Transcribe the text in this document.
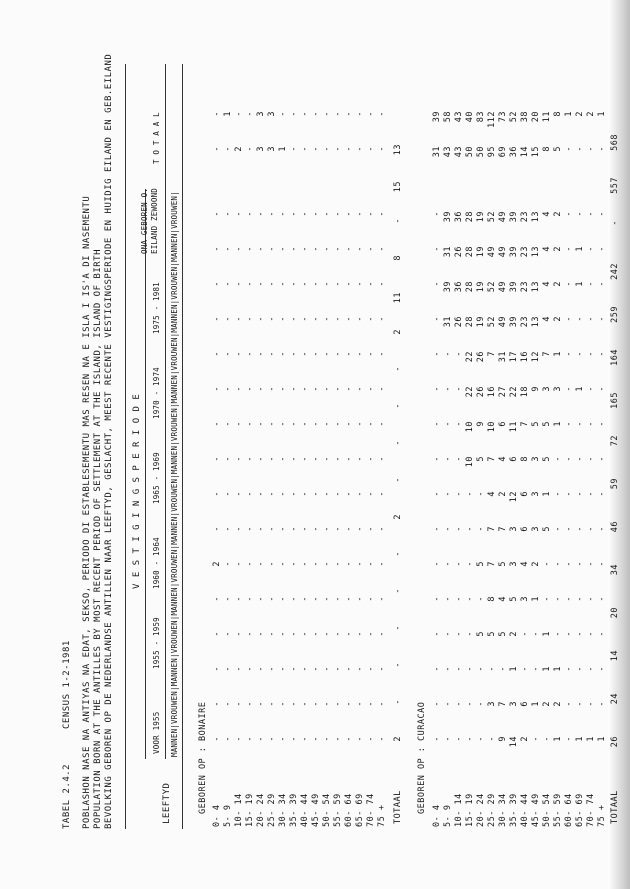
TABEL 2.4.2
CENSUS 1-2-1981 POBLASHON NASE NA ANTIYAS NA EDAT, SEKSO, PERIODO DI ESTABLESEMENTU MAS RESEN NA E ISLA I IS'A DI NASEMENTU POPULATION BORN AT THE ANTILLES BY MOST RECENT PERIOD OF SETTLEMENT AT THE ISLAND, ISLAND OF BIRTH BEVOLKING GEBOREN OP DE NEDERLANDSE ANTILLEN NAAR LEEFTYD, GESLACHT, MEEST RECENTE VESTIGINGSPERIODE EN HUIDIG EILAND EN GEB.EILAND	LEEFTYD
V E S T I G I N G S P E R I O D E
VOOR 1955
1955 - 1959
1960 - 1964
1965 - 1969
1970 - 1974
1975 - 1981
ONA GEBOREN O. EILAND ZEWOOND
T O T A A L
MANNEN|VROUWEN|MANNEN|VROUWEN|MANNEN|VROUWEN|MANNEN|VROUWEN|MANNEN|VROUWEN|MANNEN|VROUWEN|MANNEN|VROUWEN|MANNEN|VROUWEN|
GEBOREN OP : BONAIRE
0- 4 5- 9 10- 14 15- 19 20- 24 25- 29 30- 34 35- 39 40- 44 45- 49 50- 54 55- 59 60- 64 65- 69 70- 74 75 + TOTAAL GEBOREN OP : CURACAO
0- 4 5- 9 10- 14 15- 19 20- 24 25- 29 30- 34 35- 39 40- 44 45- 49 50- 54 55- 59 60- 64 65- 69 70- 74 75 + TOTAAL
- - - - - - - - - - - - - - - -
- - - - - - - - - - - - - - - -
- - - - - - - - - - - - - - - -
- - - - - - - - - - - - - - - -
- - - - - - - - - - - - - - - -
2 - - - - - - - - - - - - - - -
- - - - - - - - - - - - - - - -
- - - - - - - - - - - - - - - -
- - - - - - - - - - - - - - - -
- - - - - - - - - - - - - - - -
- - - - - - - - - - - - - - - -
- - - - - - - - - - - - - - - -
- - - - - - - - - - - - - - - -
- - - - - - - - - - - - - - - -
- - - - - - - - - - - - - - - -
- - - - - - - - - - - - - - - -
- - 2 - 3 3 1 - - - - - - - - -
- 1 - - 3 3 - - - - - - - - - -
2
-
-
-
-
-
2
-
-
-
-
2
11
8
-
15
13
- - - - - - 9 14 2 - - 1 - 1 1 1
- - - - - 3 7 3 6 1 2 2 - - - -
- - - - - - - 1 - - 1 1 - - - -
- - - - 5 5 5 2 - - 1 - - - - -
- - - - - 8 4 5 3 1 - - - - - -
- - - - 5 7 5 3 4 2 - - - - - -
- - - - - 7 7 3 6 3 5 - - - - -
- - - - - 4 2 12 6 3 1 - - - - -
- - - 10 5 7 4 6 8 3 5 - - - - -
- - - 10 9 10 6 11 7 5 5 1 - - - -
- - - 22 26 16 27 22 18 9 3 3 - 1 - -
- - - 22 26 7 31 17 16 12 7 1 - - - -
- 31 26 28 19 52 49 39 23 13 4 2 - - - -
- 39 36 28 19 52 49 39 23 13 4 2 - 1 - -
- 31 26 28 19 49 49 39 23 13 4 2 - 1 - -
- 39 36 28 19 52 49 39 23 13 4 2 - - - -
31 43 43 50 50 95 69 36 14 15 8 5 - - - -
39 58 43 40 83 112 73 52 38 20 11 8 1 2 2 1
26
24
14
20
34
46
59
72
165
164
259
242
-
557
568
